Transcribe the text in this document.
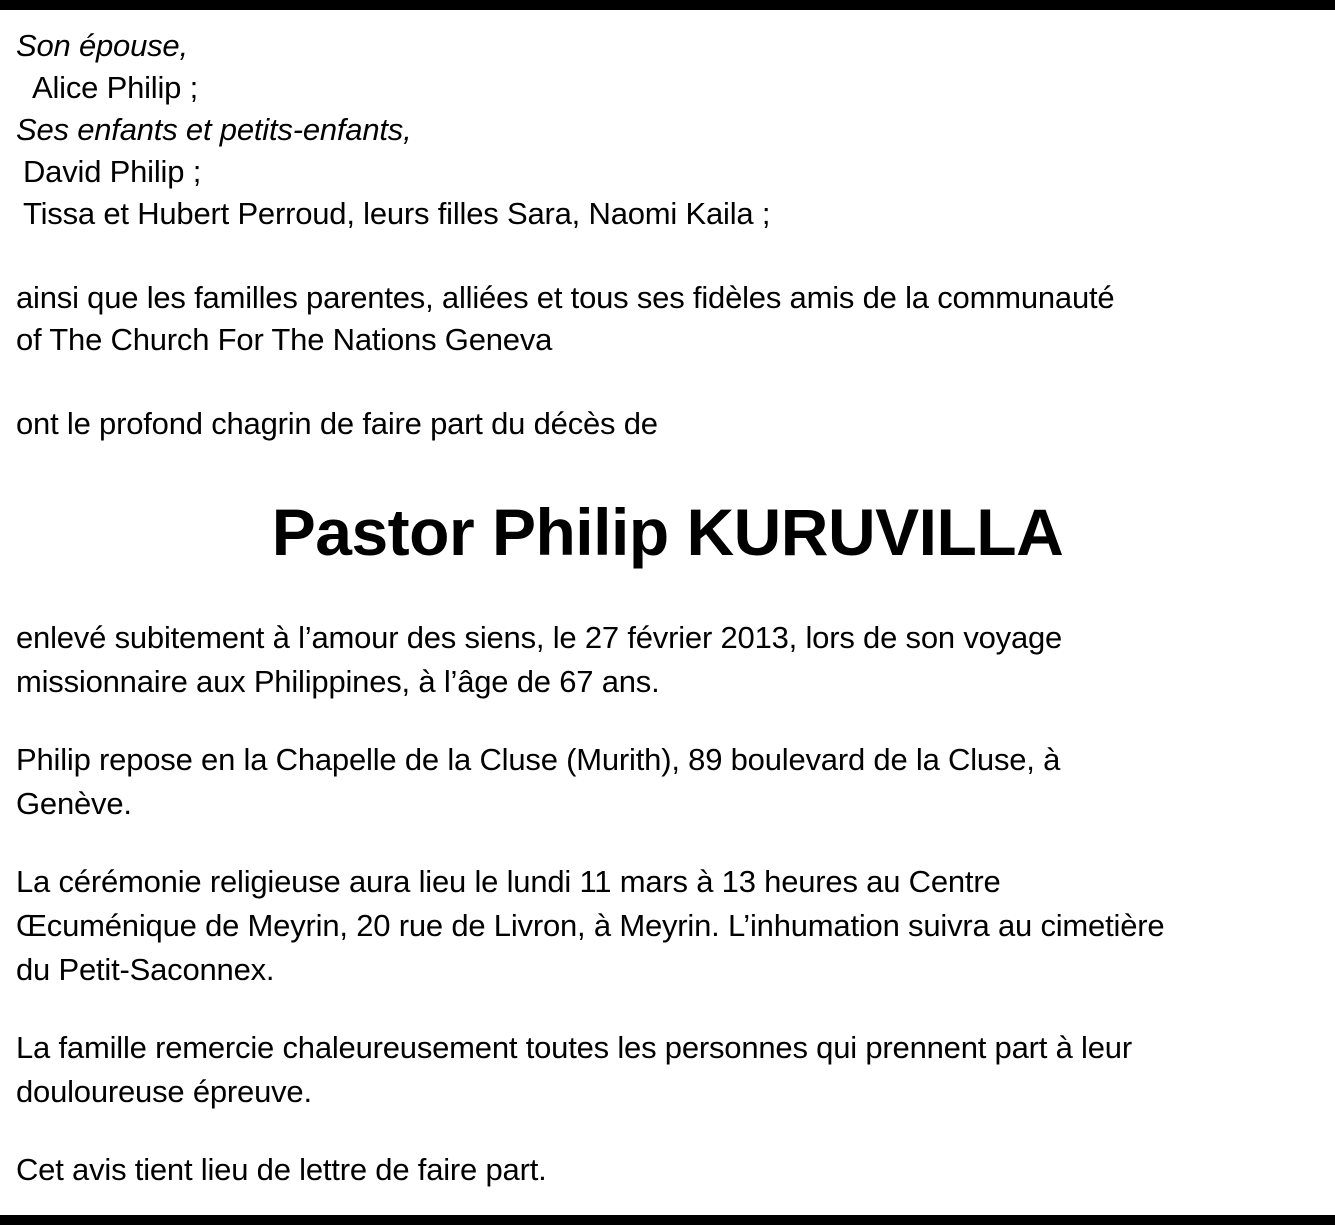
Son épouse,
Alice Philip ;
Ses enfants et petits-enfants,
David Philip ;
Tissa et Hubert Perroud, leurs filles Sara, Naomi Kaila ;
ainsi que les familles parentes, alliées et tous ses fidèles amis de la communauté
of The Church For The Nations Geneva
ont le profond chagrin de faire part du décès de
Pastor Philip KURUVILLA
enlevé subitement à l’amour des siens, le 27 février 2013, lors de son voyage
missionnaire aux Philippines, à l’âge de 67 ans.
Philip repose en la Chapelle de la Cluse (Murith), 89 boulevard de la Cluse, à
Genève.
La cérémonie religieuse aura lieu le lundi 11 mars à 13 heures au Centre
Œcuménique de Meyrin, 20 rue de Livron, à Meyrin. L’inhumation suivra au cimetière
du Petit-Saconnex.
La famille remercie chaleureusement toutes les personnes qui prennent part à leur
douloureuse épreuve.
Cet avis tient lieu de lettre de faire part.
